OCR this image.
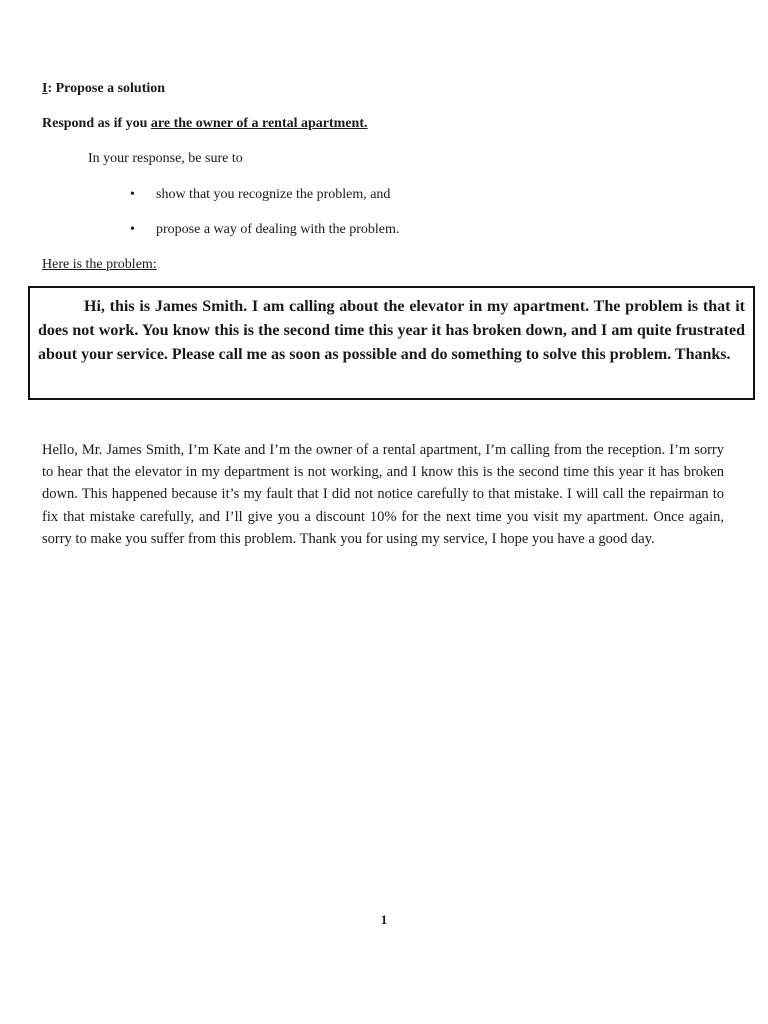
I: Propose a solution
Respond as if you are the owner of a rental apartment.
In your response, be sure to
• show that you recognize the problem, and
• propose a way of dealing with the problem.
Here is the problem:

Hi, this is James Smith. I am calling about the elevator in my apartment. The problem is that it does not work. You know this is the second time this year it has broken down, and I am quite frustrated about your service. Please call me as soon as possible and do something to solve this problem. Thanks.

Hello, Mr. James Smith, I’m Kate and I’m the owner of a rental apartment, I’m calling from the reception. I’m sorry to hear that the elevator in my department is not working, and I know this is the second time this year it has broken down. This happened because it’s my fault that I did not notice carefully to that mistake. I will call the repairman to fix that mistake carefully, and I’ll give you a discount 10% for the next time you visit my apartment. Once again, sorry to make you suffer from this problem. Thank you for using my service, I hope you have a good day.

1
